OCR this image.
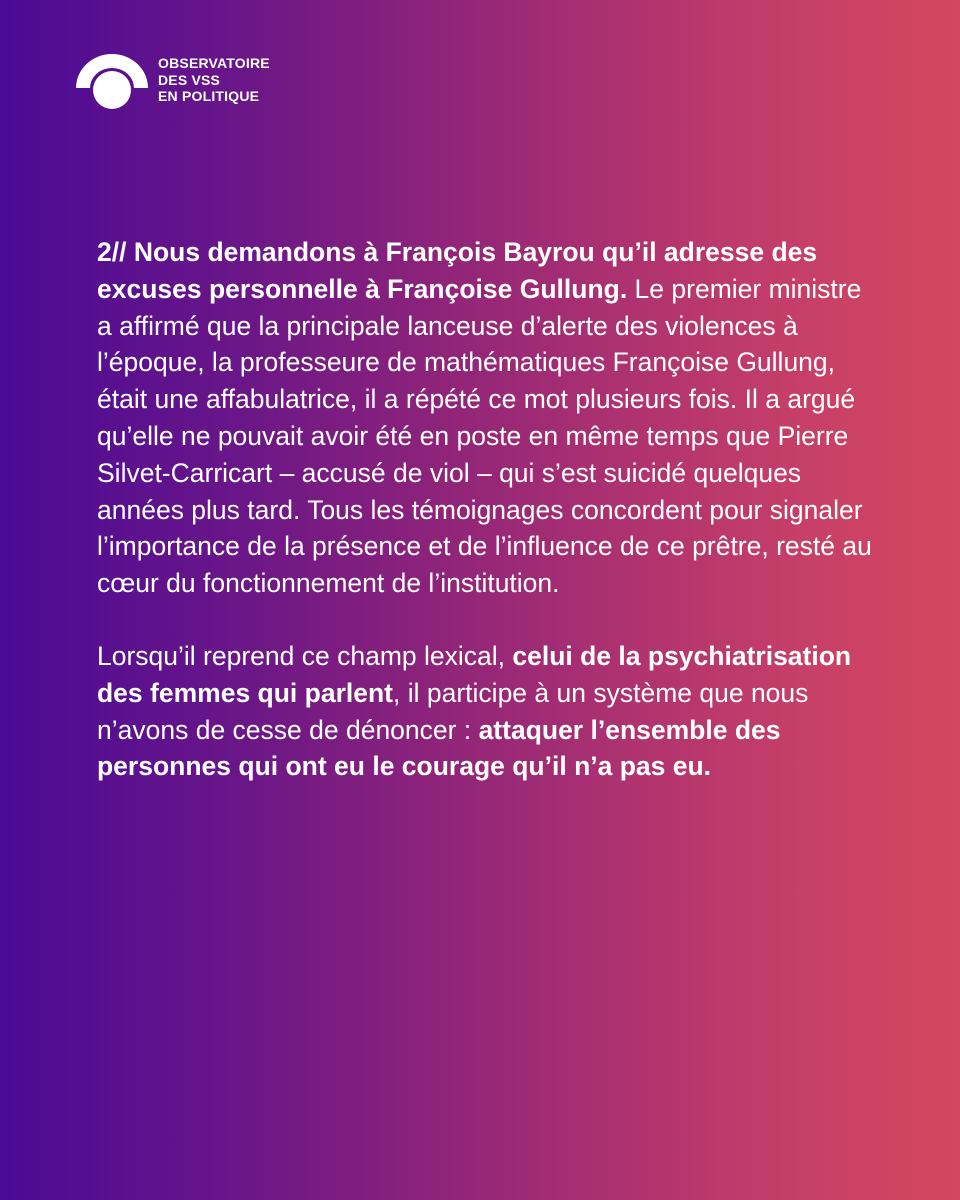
OBSERVATOIRE
DES VSS
EN POLITIQUE

2// Nous demandons à François Bayrou qu’il adresse des excuses personnelle à Françoise Gullung. Le premier ministre a affirmé que la principale lanceuse d’alerte des violences à l’époque, la professeure de mathématiques Françoise Gullung, était une affabulatrice, il a répété ce mot plusieurs fois. Il a argué qu’elle ne pouvait avoir été en poste en même temps que Pierre Silvet-Carricart – accusé de viol – qui s’est suicidé quelques années plus tard. Tous les témoignages concordent pour signaler l’importance de la présence et de l’influence de ce prêtre, resté au cœur du fonctionnement de l’institution.

Lorsqu’il reprend ce champ lexical, celui de la psychiatrisation des femmes qui parlent, il participe à un système que nous n’avons de cesse de dénoncer : attaquer l’ensemble des personnes qui ont eu le courage qu’il n’a pas eu.
